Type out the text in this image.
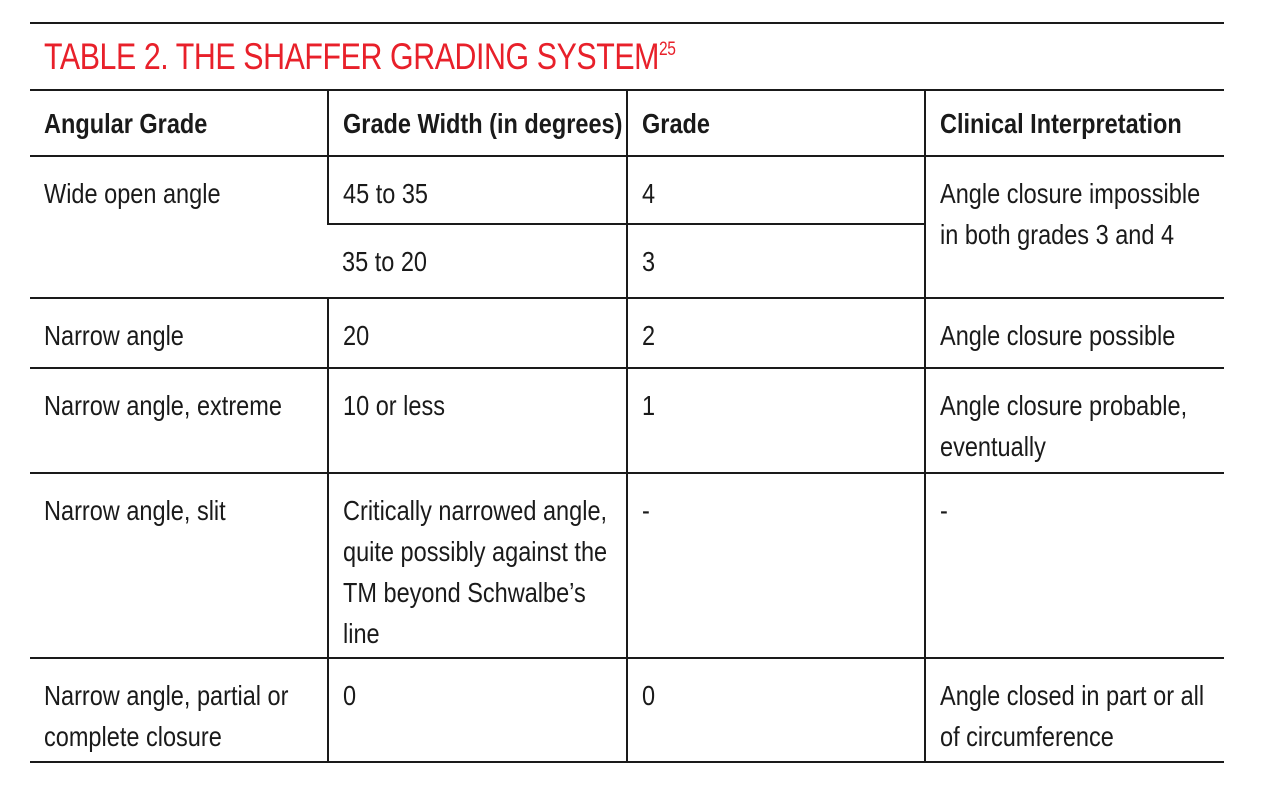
TABLE 2. THE SHAFFER GRADING SYSTEM$^{25}$
Angular Grade	Grade Width (in degrees)	Grade	Clinical Interpretation

Wide open angle	45 to 35	4	Angle closure impossible in both grades 3 and 4

	35 to 20	3	

Narrow angle	20	2	Angle closure possible

Narrow angle, extreme	10 or less	1	Angle closure probable, eventually

Narrow angle, slit	Critically narrowed angle, quite possibly against the TM beyond Schwalbe’s line	-	-

Narrow angle, partial or complete closure	0	0	Angle closed in part or all of circumference
